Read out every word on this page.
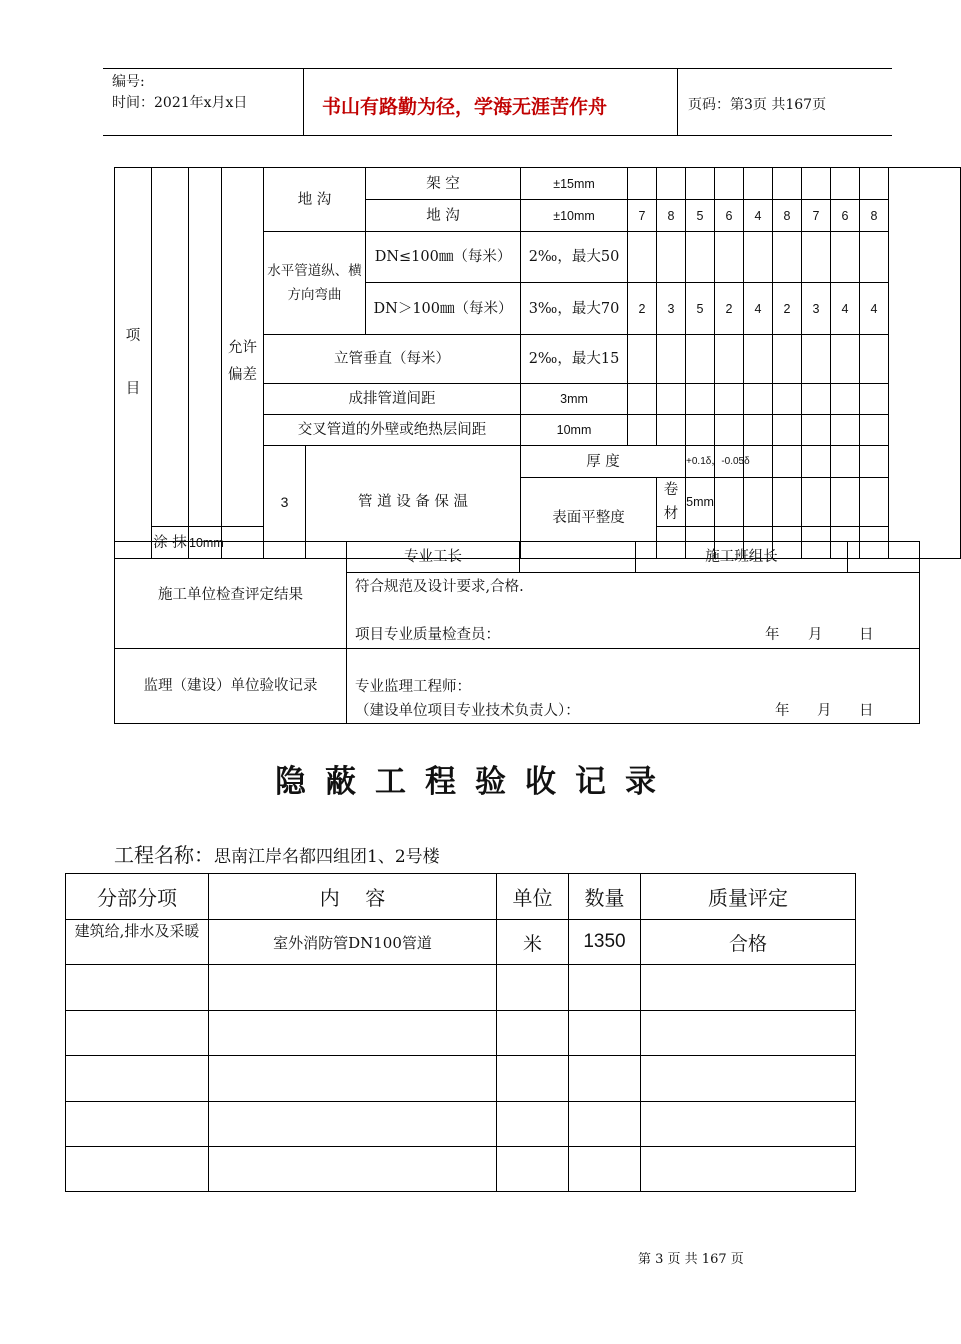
编号:
时间：2021年x月x日	书山有路勤为径，学海无涯苦作舟	页码：第3页 共167页
项
目			允许偏差	地 沟		架 空	±15mm											
						地 沟	±10mm	7	8	5	6	4	8	7	6	8		
				水平管道纵、横方向弯曲		DN≤100㎜（每米）	2‰，最大50											
						DN＞100㎜（每米）	3‰，最大70	2	3	5	2	4	2	3	4	4		
				立管垂直（每米）			2‰，最大15											
				成排管道间距			3mm											
				交叉管道的外壁或绝热层间距			10mm											
				3	管 道 设 备 保 温		厚 度			+0.1δ，-0.05δ									
							表面平整度		卷 材	5mm									
	涂 抹	10mm																
施工单位检查评定结果	专业工长		施工班组长	

	符合规范及设计要求,合格.
项目专业质量检查员： 年 月 日			

监理（建设）单位验收记录	专业监理工程师：
（建设单位项目专业技术负责人）： 年 月 日			
隐蔽工程验收记录
工程名称：思南江岸名都四组团1、2号楼
分部分项	内    容	单位	数量	质量评定
建筑给,排水及采暖	室外消防管DN100管道	米	1350	合格

第 3 页 共 167 页
